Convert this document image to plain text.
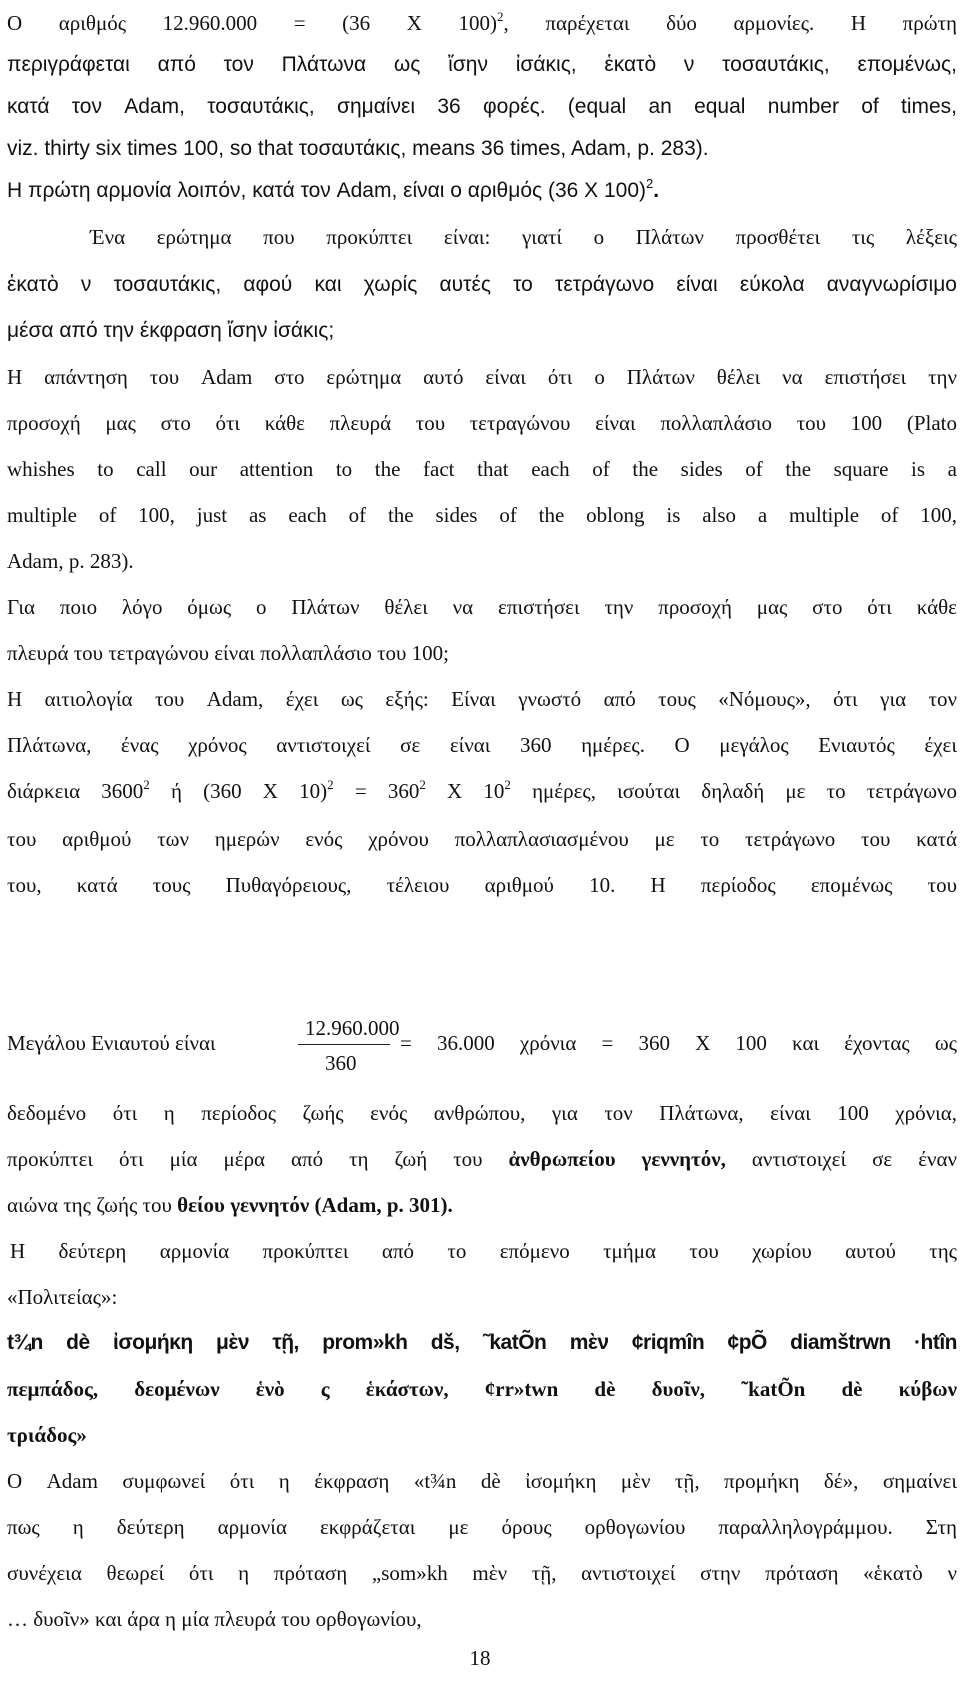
Ο αριθμός 12.960.000 = (36 Χ 100)$^2$, παρέχεται δύο αρμονίες. Η πρώτη
περιγράφεται από τον Πλάτωνα ως ἴσην ἰσάκις, ἑκατὸ ν τοσαυτάκις, επομένως,
κατά τον Adam, τοσαυτάκις, σημαίνει 36 φορές. (equal an equal number of times,
viz. thirty six times 100, so that τοσαυτάκις, means 36 times, Adam, p. 283).
Η πρώτη αρμονία λοιπόν, κατά τον Adam, είναι ο αριθμός (36 Χ 100)$^2$.
Ένα ερώτημα που προκύπτει είναι: γιατί ο Πλάτων προσθέτει τις λέξεις
ἑκατὸ ν τοσαυτάκις, αφού και χωρίς αυτές το τετράγωνο είναι εύκολα αναγνωρίσιμο
μέσα από την έκφραση ἴσην ἰσάκις;
Η απάντηση του Adam στο ερώτημα αυτό είναι ότι ο Πλάτων θέλει να επιστήσει την
προσοχή μας στο ότι κάθε πλευρά του τετραγώνου είναι πολλαπλάσιο του 100 (Plato
whishes to call our attention to the fact that each of the sides of the square is a
multiple of 100, just as each of the sides of the oblong is also a multiple of 100,
Adam, p. 283).
Για ποιο λόγο όμως ο Πλάτων θέλει να επιστήσει την προσοχή μας στο ότι κάθε
πλευρά του τετραγώνου είναι πολλαπλάσιο του 100;
Η αιτιολογία του Adam, έχει ως εξής: Είναι γνωστό από τους «Νόμους», ότι για τον
Πλάτωνα, ένας χρόνος αντιστοιχεί σε είναι 360 ημέρες. Ο μεγάλος Ενιαυτός έχει
διάρκεια 3600$^2$ ή (360 Χ $10)^2 = 360^2$ Χ $10^2$ ημέρες, ισούται δηλαδή με το τετράγωνο
του αριθμού των ημερών ενός χρόνου πολλαπλασιασμένου με το τετράγωνο του κατά
του, κατά τους Πυθαγόρειους, τέλειου αριθμού 10. Η περίοδος επομένως του
Μεγάλου Ενιαυτού είναι
12.960.000
360
= 36.000 χρόνια = 360 Χ 100 και έχοντας ως
δεδομένο ότι η περίοδος ζωής ενός ανθρώπου, για τον Πλάτωνα, είναι 100 χρόνια,
προκύπτει ότι μία μέρα από τη ζωή του ἀνθρωπείου γεννητόν, αντιστοιχεί σε έναν
αιώνα της ζωής του θείου γεννητόν (Adam, p. 301).
Η δεύτερη αρμονία προκύπτει από το επόμενο τμήμα του χωρίου αυτού της
«Πολιτείας»:
t¾n dè ἰσομήκη μὲν τῇ, prom»kh dš, ˜katÕn mὲν ¢riqmîn ¢pÕ diamštrwn ·htîn
πεμπάδος, δεομένων ἑνὸ ς ἑκάστων, ¢rr»twn dè δυοῖν, ˜katÕn dè κύβων
τριάδος»
Ο Adam συμφωνεί ότι η έκφραση «t¾n dè ἰσομήκη μὲν τῇ, προμήκη δέ», σημαίνει
πως η δεύτερη αρμονία εκφράζεται με όρους ορθογωνίου παραλληλογράμμου. Στη
συνέχεια θεωρεί ότι η πρόταση „som»kh mὲν τῇ, αντιστοιχεί στην πρόταση «ἑκατὸ ν
… δυοῖν» και άρα η μία πλευρά του ορθογωνίου,
18
